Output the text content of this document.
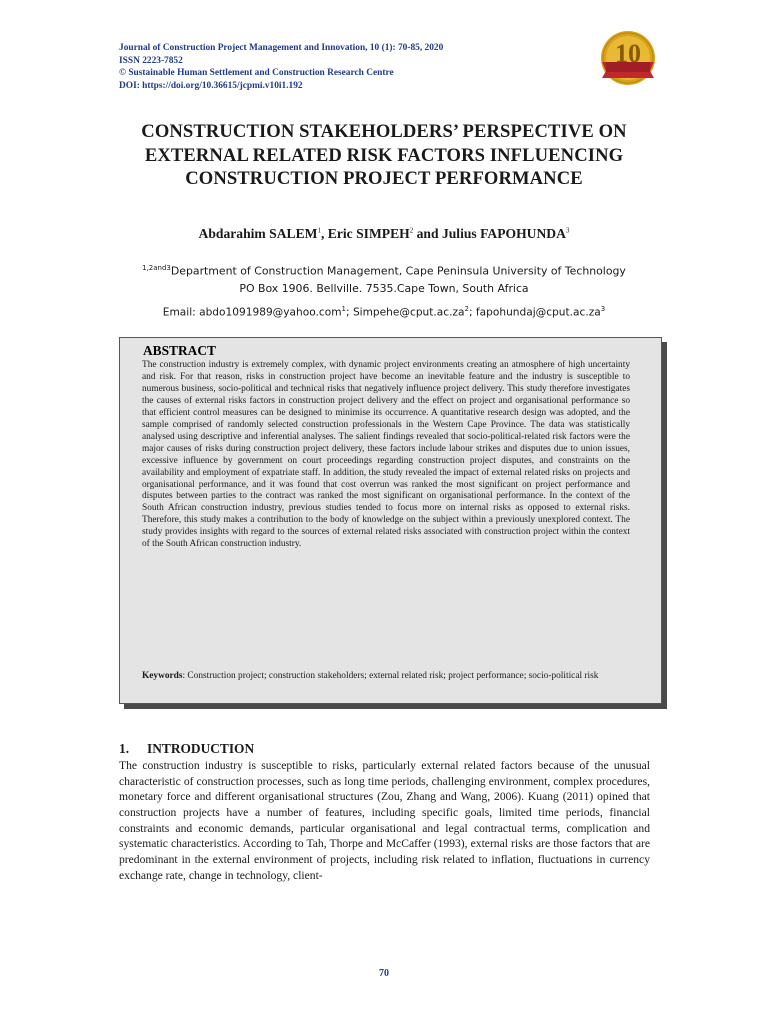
Journal of Construction Project Management and Innovation, 10 (1): 70-85, 2020
ISSN 2223-7852
© Sustainable Human Settlement and Construction Research Centre
DOI: https://doi.org/10.36615/jcpmi.v10i1.192
10
CONSTRUCTION STAKEHOLDERS’ PERSPECTIVE ON EXTERNAL RELATED RISK FACTORS INFLUENCING CONSTRUCTION PROJECT PERFORMANCE
Abdarahim SALEM$^1$, Eric SIMPEH$^2$ and Julius FAPOHUNDA$^3$
$^{1,2and3}$Department of Construction Management, Cape Peninsula University of Technology
PO Box 1906. Bellville. 7535.Cape Town, South Africa
Email: abdo1091989@yahoo.com$^1$; $Simpehe@cput.ac.za^2$; $fapohundaj@cput.ac.za^3$
ABSTRACT
The construction industry is extremely complex, with dynamic project environments creating an atmosphere of high uncertainty and risk. For that reason, risks in construction project have become an inevitable feature and the industry is susceptible to numerous business, socio-political and technical risks that negatively influence project delivery. This study therefore investigates the causes of external risks factors in construction project delivery and the effect on project and organisational performance so that efficient control measures can be designed to minimise its occurrence. A quantitative research design was adopted, and the sample comprised of randomly selected construction professionals in the Western Cape Province. The data was statistically analysed using descriptive and inferential analyses. The salient findings revealed that socio-political-related risk factors were the major causes of risks during construction project delivery, these factors include labour strikes and disputes due to union issues, excessive influence by government on court proceedings regarding construction project disputes, and constraints on the availability and employment of expatriate staff. In addition, the study revealed the impact of external related risks on projects and organisational performance, and it was found that cost overrun was ranked the most significant on project performance and disputes between parties to the contract was ranked the most significant on organisational performance. In the context of the South African construction industry, previous studies tended to focus more on internal risks as opposed to external risks. Therefore, this study makes a contribution to the body of knowledge on the subject within a previously unexplored context. The study provides insights with regard to the sources of external related risks associated with construction project within the context of the South African construction industry.
Keywords: Construction project; construction stakeholders; external related risk; project performance; socio-political risk
1. INTRODUCTION
The construction industry is susceptible to risks, particularly external related factors because of the unusual characteristic of construction processes, such as long time periods, challenging environment, complex procedures, monetary force and different organisational structures (Zou, Zhang and Wang, 2006). Kuang (2011) opined that construction projects have a number of features, including specific goals, limited time periods, financial constraints and economic demands, particular organisational and legal contractual terms, complication and systematic characteristics. According to Tah, Thorpe and McCaffer (1993), external risks are those factors that are predominant in the external environment of projects, including risk related to inflation, fluctuations in currency exchange rate, change in technology, client-
70
